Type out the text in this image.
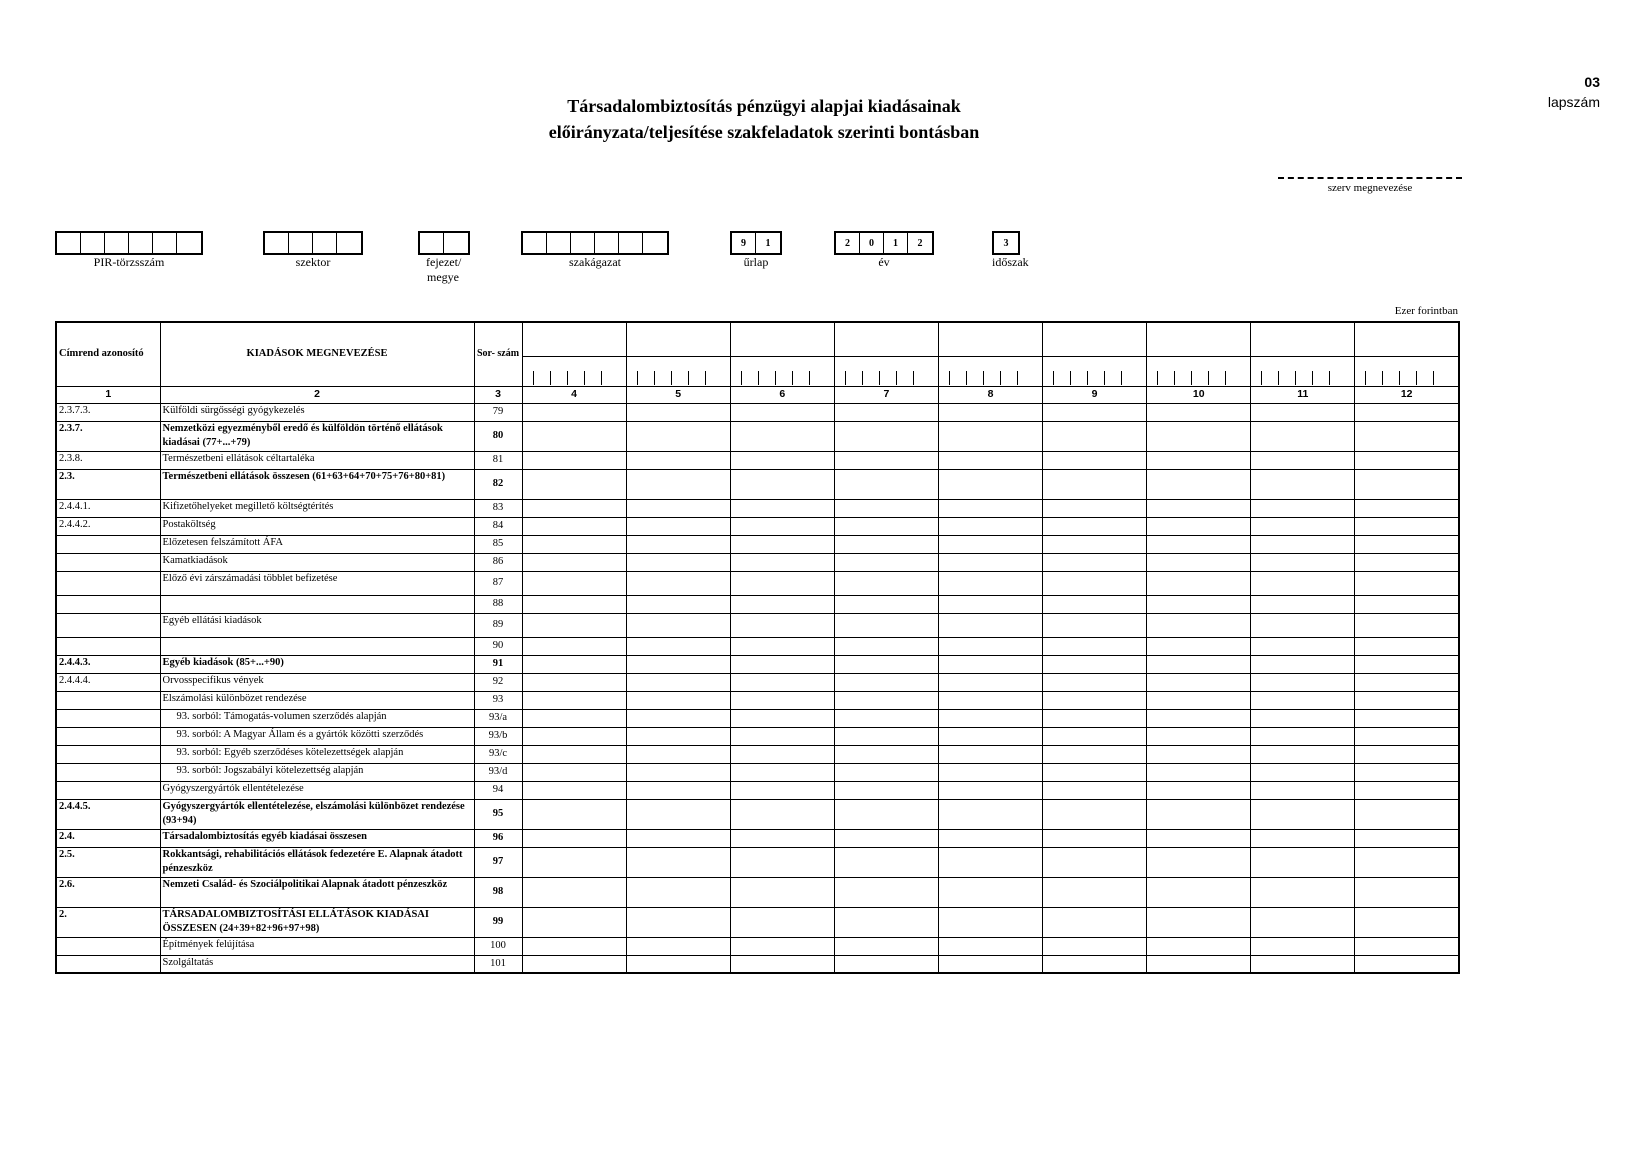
03
lapszám
Társadalombiztosítás pénzügyi alapjai kiadásainak
előirányzata/teljesítése szakfeladatok szerinti bontásban
szerv megnevezése
PIR-törzsszám	szektor	fejezet/ megye
szakágazat
9	1
űrlap
2	0	1	2
év
3
időszak
Ezer forintban
Címrend azonosító	KIADÁSOK MEGNEVEZÉSE	Sor- szám									

1	2	3	4	5	6	7	8	9	10	11	12
2.3.7.3.	Külföldi sürgősségi gyógykezelés	79									
2.3.7.	Nemzetközi egyezményből eredő és külföldön történő ellátások kiadásai (77+...+79)	80									
2.3.8.	Természetbeni ellátások céltartaléka	81									
2.3.	Természetbeni ellátások összesen (61+63+64+70+75+76+80+81)	82									
2.4.4.1.	Kifizetőhelyeket megillető költségtérítés	83									
2.4.4.2.	Postaköltség	84									
	Előzetesen felszámított ÁFA	85									
	Kamatkiadások	86									
	Előző évi zárszámadási többlet befizetése	87									
		88									
	Egyéb ellátási kiadások	89									
		90									
2.4.4.3.	Egyéb kiadások (85+...+90)	91									
2.4.4.4.	Orvosspecifikus vények	92									
	Elszámolási különbözet rendezése	93									
	93. sorból: Támogatás-volumen szerződés alapján	93/a									
	93. sorból: A Magyar Állam és a gyártók közötti szerződés	93/b									
	93. sorból: Egyéb szerződéses kötelezettségek alapján	93/c									
	93. sorból: Jogszabályi kötelezettség alapján	93/d									
	Gyógyszergyártók ellentételezése	94									
2.4.4.5.	Gyógyszergyártók ellentételezése, elszámolási különbözet rendezése (93+94)	95									
2.4.	Társadalombiztosítás egyéb kiadásai összesen	96									
2.5.	Rokkantsági, rehabilitációs ellátások fedezetére E. Alapnak átadott pénzeszköz	97									
2.6.	Nemzeti Család- és Szociálpolitikai Alapnak átadott pénzeszköz	98									
2.	TÁRSADALOMBIZTOSÍTÁSI ELLÁTÁSOK KIADÁSAI ÖSSZESEN (24+39+82+96+97+98)	99									
	Építmények felújítása	100									
	Szolgáltatás	101									
